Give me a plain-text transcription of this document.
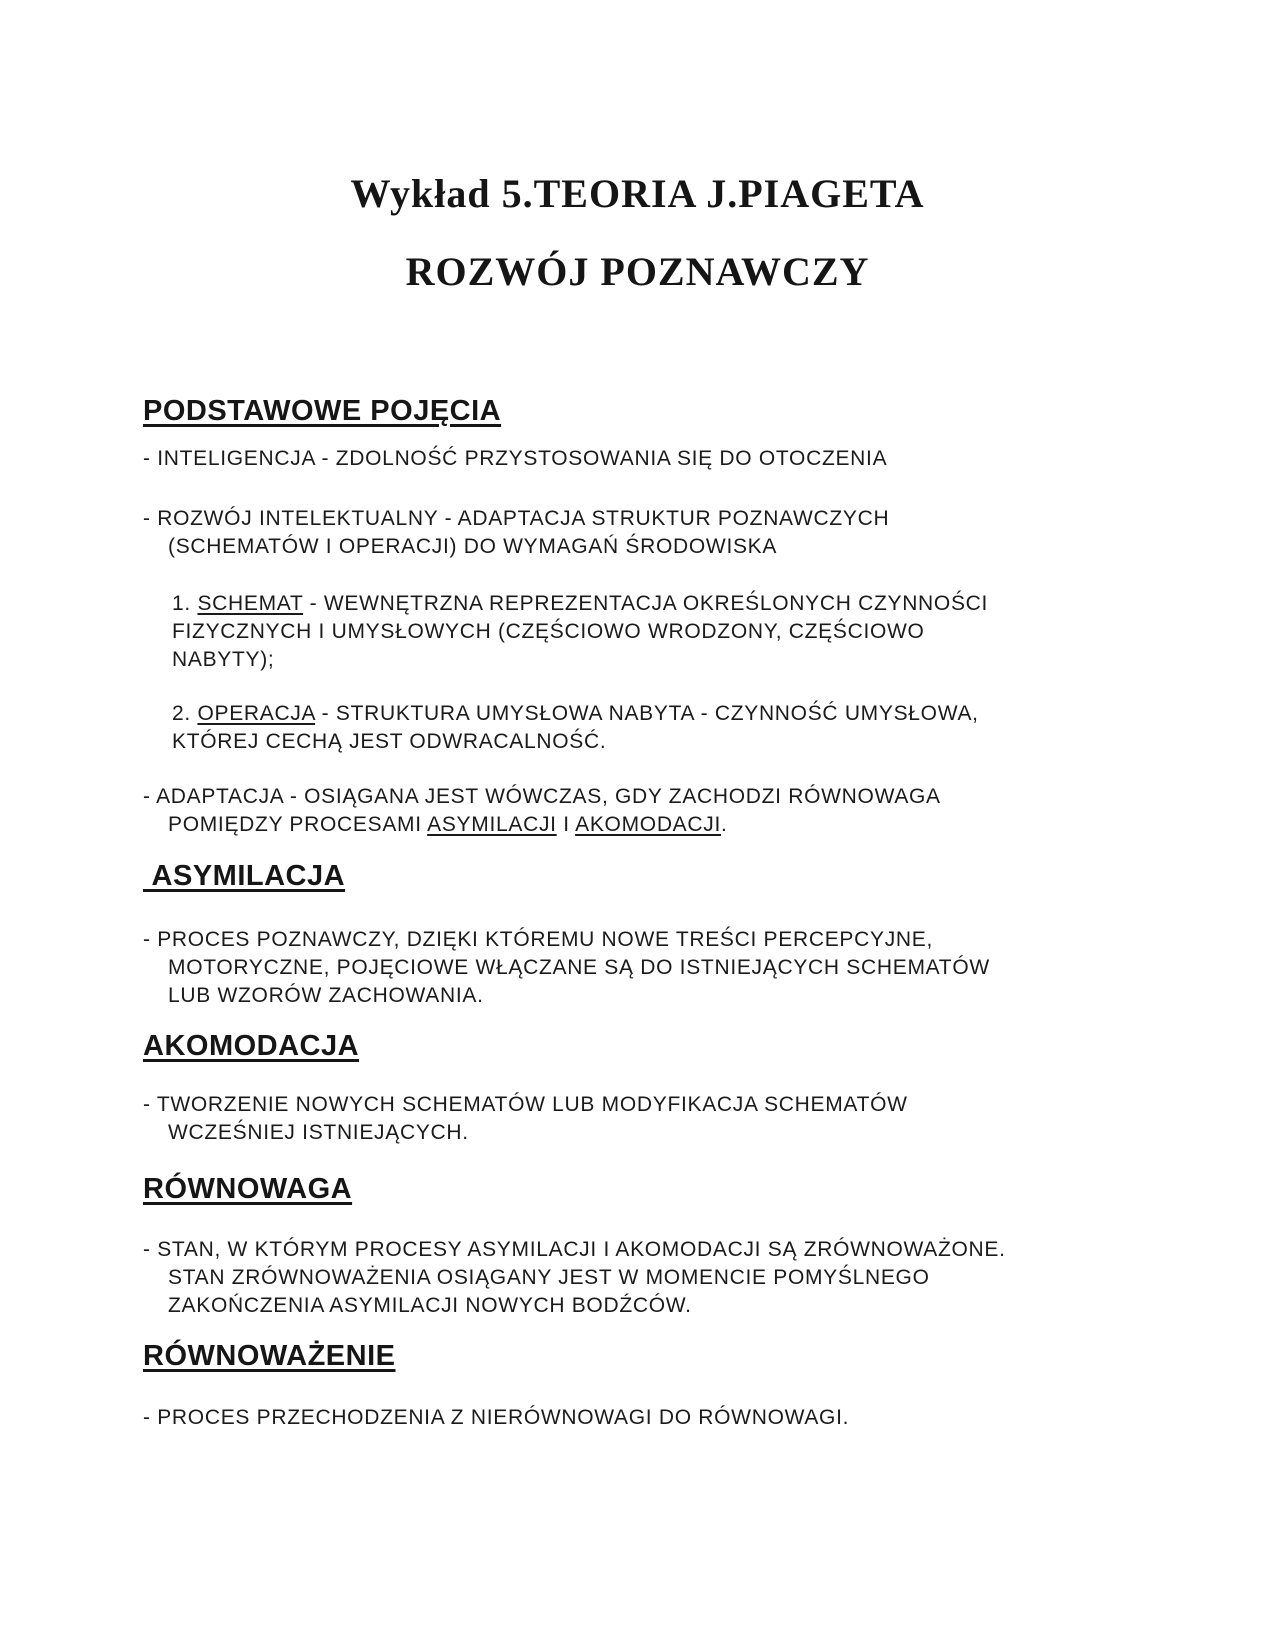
Wykład 5.TEORIA J.PIAGETA
ROZWÓJ POZNAWCZY
PODSTAWOWE POJĘCIA
- INTELIGENCJA - ZDOLNOŚĆ PRZYSTOSOWANIA SIĘ DO OTOCZENIA
- ROZWÓJ INTELEKTUALNY - ADAPTACJA STRUKTUR POZNAWCZYCH
(SCHEMATÓW I OPERACJI) DO WYMAGAŃ ŚRODOWISKA
1. SCHEMAT - WEWNĘTRZNA REPREZENTACJA OKREŚLONYCH CZYNNOŚCI
FIZYCZNYCH I UMYSŁOWYCH (CZĘŚCIOWO WRODZONY, CZĘŚCIOWO
NABYTY);
2. OPERACJA - STRUKTURA UMYSŁOWA NABYTA - CZYNNOŚĆ UMYSŁOWA,
KTÓREJ CECHĄ JEST ODWRACALNOŚĆ.
- ADAPTACJA - OSIĄGANA JEST WÓWCZAS, GDY ZACHODZI RÓWNOWAGA
POMIĘDZY PROCESAMI ASYMILACJI I AKOMODACJI.
ASYMILACJA
- PROCES POZNAWCZY, DZIĘKI KTÓREMU NOWE TREŚCI PERCEPCYJNE,
MOTORYCZNE, POJĘCIOWE WŁĄCZANE SĄ DO ISTNIEJĄCYCH SCHEMATÓW
LUB WZORÓW ZACHOWANIA.
AKOMODACJA
- TWORZENIE NOWYCH SCHEMATÓW LUB MODYFIKACJA SCHEMATÓW
WCZEŚNIEJ ISTNIEJĄCYCH.
RÓWNOWAGA
- STAN, W KTÓRYM PROCESY ASYMILACJI I AKOMODACJI SĄ ZRÓWNOWAŻONE.
STAN ZRÓWNOWAŻENIA OSIĄGANY JEST W MOMENCIE POMYŚLNEGO
ZAKOŃCZENIA ASYMILACJI NOWYCH BODŹCÓW.
RÓWNOWAŻENIE
- PROCES PRZECHODZENIA Z NIERÓWNOWAGI DO RÓWNOWAGI.
